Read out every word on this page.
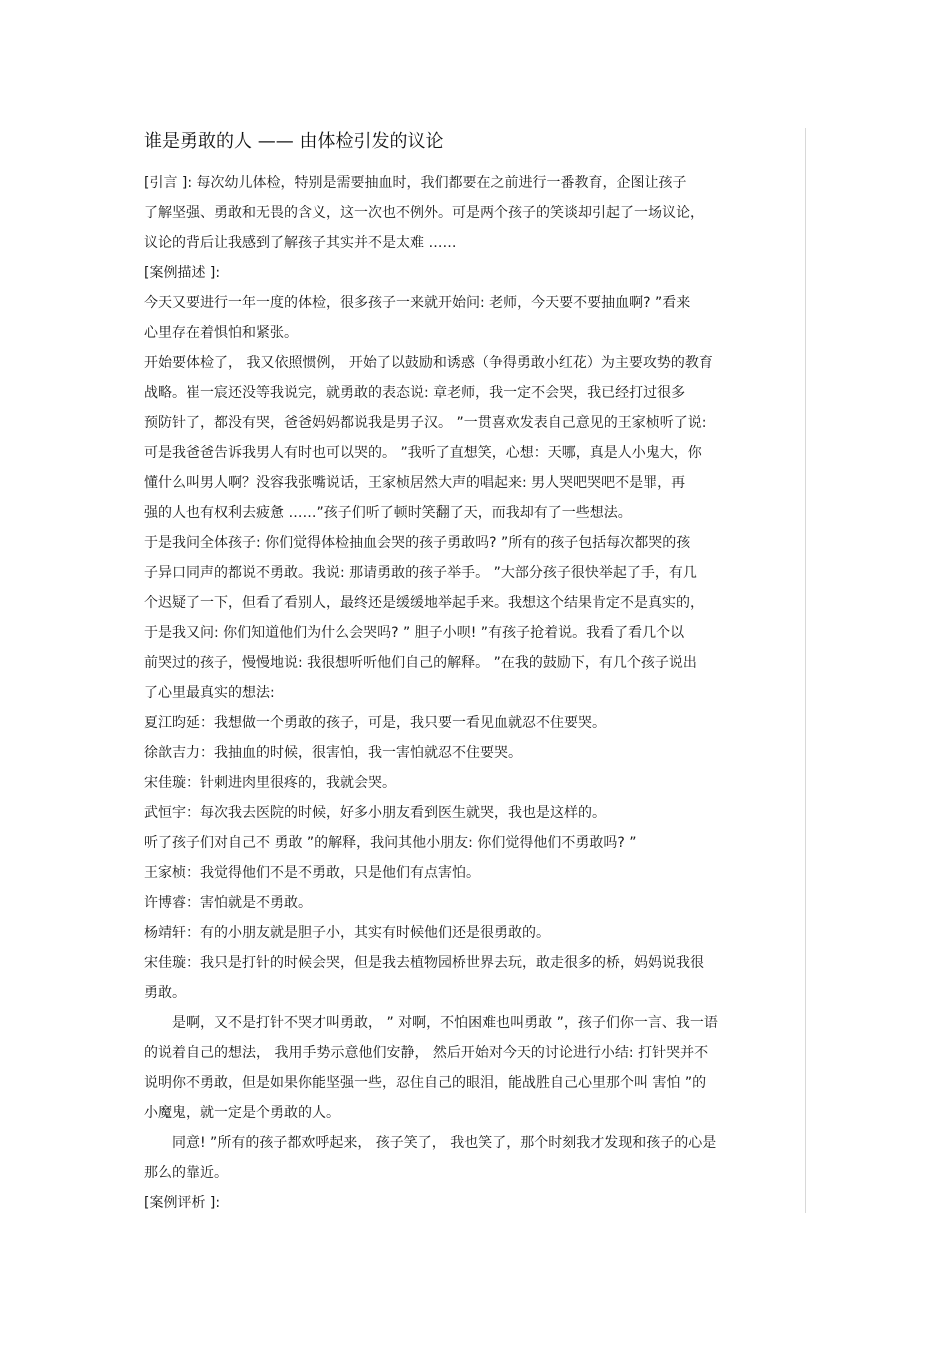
谁是勇敢的人 —— 由体检引发的议论
[引言 ]: 每次幼儿体检，特别是需要抽血时，我们都要在之前进行一番教育，企图让孩子
了解坚强、勇敢和无畏的含义，这一次也不例外。可是两个孩子的笑谈却引起了一场议论，
议论的背后让我感到了解孩子其实并不是太难 ……
[案例描述 ]:
今天又要进行一年一度的体检，很多孩子一来就开始问: 老师，今天要不要抽血啊? ”看来
心里存在着惧怕和紧张。
开始要体检了， 我又依照惯例， 开始了以鼓励和诱惑（争得勇敢小红花）为主要攻势的教育
战略。崔一宸还没等我说完，就勇敢的表态说: 章老师，我一定不会哭，我已经打过很多
预防针了，都没有哭，爸爸妈妈都说我是男子汉。 ”一贯喜欢发表自己意见的王家桢听了说:
可是我爸爸告诉我男人有时也可以哭的。 ”我听了直想笑，心想：天哪，真是人小鬼大，你
懂什么叫男人啊？没容我张嘴说话，王家桢居然大声的唱起来: 男人哭吧哭吧不是罪，再
强的人也有权利去疲惫 ……”孩子们听了顿时笑翻了天，而我却有了一些想法。
于是我问全体孩子: 你们觉得体检抽血会哭的孩子勇敢吗? ”所有的孩子包括每次都哭的孩
子异口同声的都说不勇敢。我说: 那请勇敢的孩子举手。 ”大部分孩子很快举起了手，有几
个迟疑了一下，但看了看别人，最终还是缓缓地举起手来。我想这个结果肯定不是真实的，
于是我又问: 你们知道他们为什么会哭吗? ” 胆子小呗! ”有孩子抢着说。我看了看几个以
前哭过的孩子，慢慢地说: 我很想听听他们自己的解释。 ”在我的鼓励下，有几个孩子说出
了心里最真实的想法:
夏江昀延：我想做一个勇敢的孩子，可是，我只要一看见血就忍不住要哭。
徐歆吉力：我抽血的时候，很害怕，我一害怕就忍不住要哭。
宋佳璇：针刺进肉里很疼的，我就会哭。
武恒宇：每次我去医院的时候，好多小朋友看到医生就哭，我也是这样的。
听了孩子们对自己不 勇敢 ”的解释，我问其他小朋友: 你们觉得他们不勇敢吗? ”
王家桢：我觉得他们不是不勇敢，只是他们有点害怕。
许博睿：害怕就是不勇敢。
杨靖轩：有的小朋友就是胆子小，其实有时候他们还是很勇敢的。
宋佳璇：我只是打针的时候会哭，但是我去植物园桥世界去玩，敢走很多的桥，妈妈说我很
勇敢。
是啊，又不是打针不哭才叫勇敢， ” 对啊，不怕困难也叫勇敢 ”，孩子们你一言、我一语
的说着自己的想法， 我用手势示意他们安静， 然后开始对今天的讨论进行小结: 打针哭并不
说明你不勇敢，但是如果你能坚强一些，忍住自己的眼泪，能战胜自己心里那个叫 害怕 ”的
小魔鬼，就一定是个勇敢的人。
同意! ”所有的孩子都欢呼起来， 孩子笑了， 我也笑了，那个时刻我才发现和孩子的心是
那么的靠近。
[案例评析 ]:
